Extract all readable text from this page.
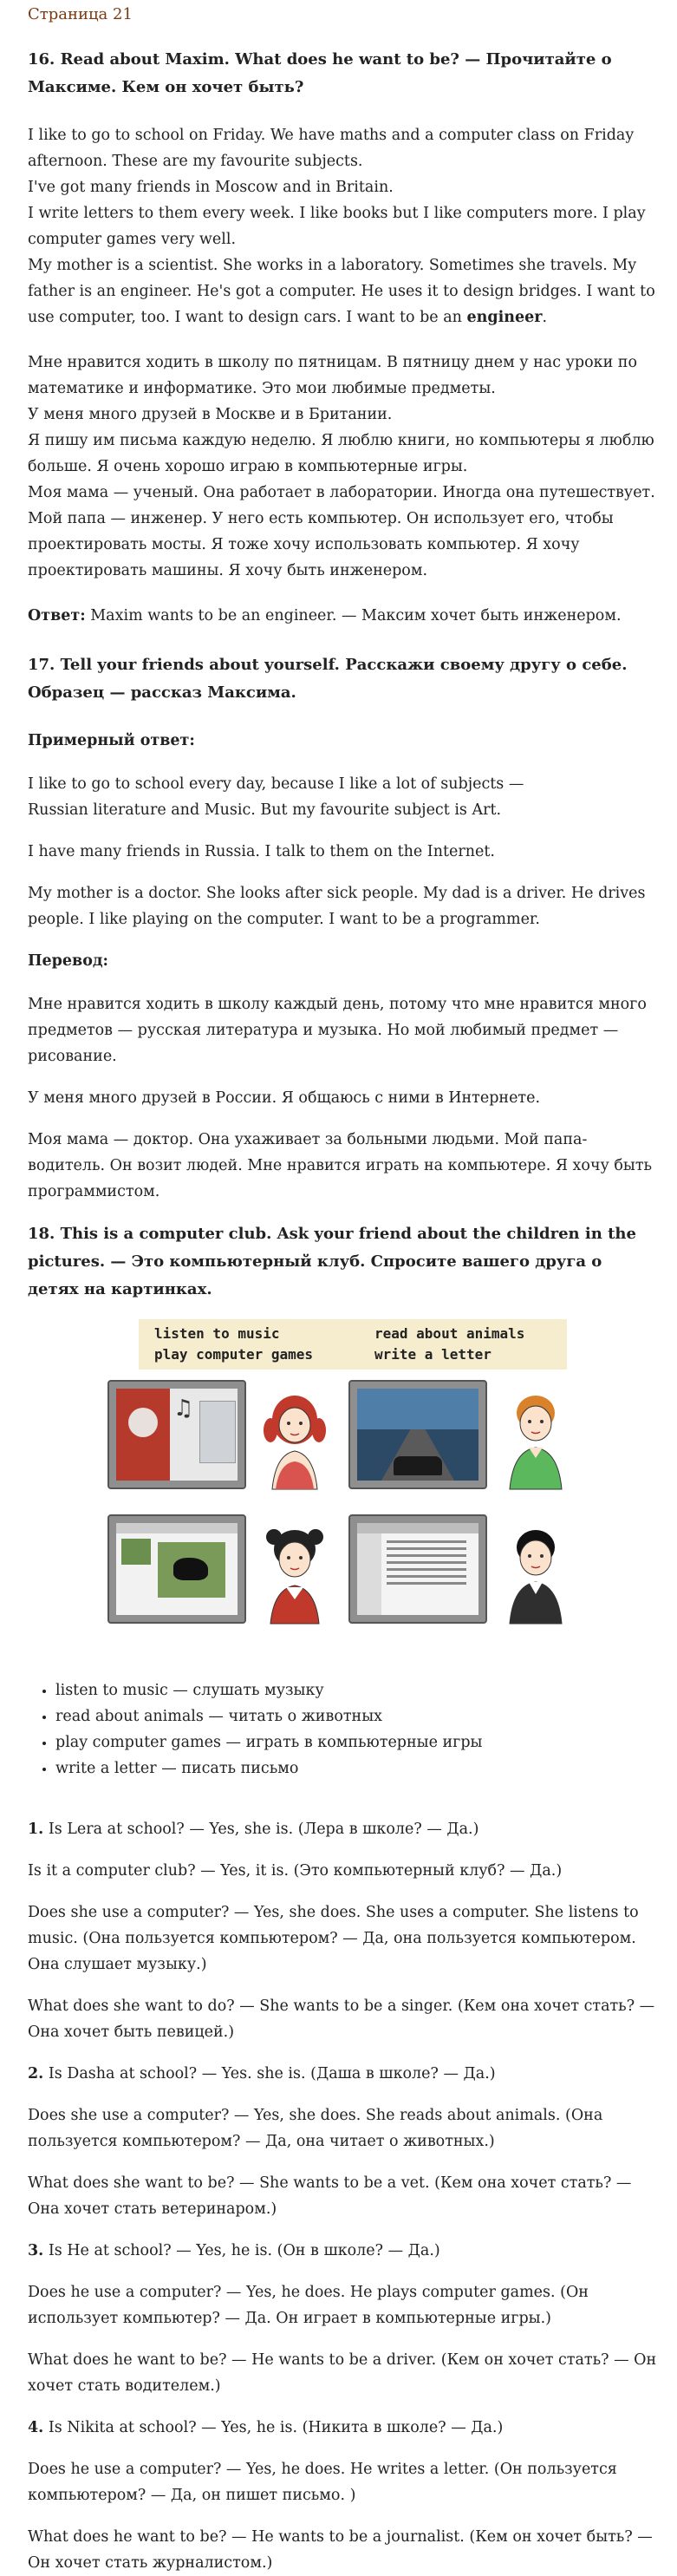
Страница 21

16. Read about Maxim. What does he want to be? — Прочитайте о Максиме. Кем он хочет быть?

I like to go to school on Friday. We have maths and a computer class on Friday afternoon. These are my favourite subjects.
I've got many friends in Moscow and in Britain.
I write letters to them every week. I like books but I like computers more. I play computer games very well.
My mother is a scientist. She works in a laboratory. Sometimes she travels. My father is an engineer. He's got a computer. He uses it to design bridges. I want to use computer, too. I want to design cars. I want to be an engineer.

Мне нравится ходить в школу по пятницам. В пятницу днем у нас уроки по математике и информатике. Это мои любимые предметы.
У меня много друзей в Москве и в Британии.
Я пишу им письма каждую неделю. Я люблю книги, но компьютеры я люблю больше. Я очень хорошо играю в компьютерные игры.
Моя мама — ученый. Она работает в лаборатории. Иногда она путешествует. Мой папа — инженер. У него есть компьютер. Он использует его, чтобы проектировать мосты. Я тоже хочу использовать компьютер. Я хочу проектировать машины. Я хочу быть инженером.

Ответ: Maxim wants to be an engineer. — Максим хочет быть инженером.

17. Tell your friends about yourself. Расскажи своему другу о себе. Образец — рассказ Максима.

Примерный ответ:

I like to go to school every day, because I like a lot of subjects — Russian literature and Music. But my favourite subject is Art.

I have many friends in Russia. I talk to them on the Internet.

My mother is a doctor. She looks after sick people. My dad is a driver. He drives people. I like playing on the computer. I want to be a programmer.

Перевод:

Мне нравится ходить в школу каждый день, потому что мне нравится много предметов — русская литература и музыка. Но мой любимый предмет — рисование.

У меня много друзей в России. Я общаюсь с ними в Интернете.

Моя мама — доктор. Она ухаживает за больными людьми. Мой папа-водитель. Он возит людей. Мне нравится играть на компьютере. Я хочу быть программистом.

18. This is a computer club. Ask your friend about the children in the pictures. — Это компьютерный клуб. Спросите вашего друга о детях на картинках.

listen to music
play computer games
read about animals
write a letter
♫
• listen to music — слушать музыку
• read about animals — читать о животных
• play computer games — играть в компьютерные игры
• write a letter — писать письмо

1. Is Lera at school? — Yes, she is. (Лера в школе? — Да.)

Is it a computer club? — Yes, it is. (Это компьютерный клуб? — Да.)

Does she use a computer? — Yes, she does. She uses a computer. She listens to music. (Она пользуется компьютером? — Да, она пользуется компьютером. Она слушает музыку.)

What does she want to do? — She wants to be a singer. (Кем она хочет стать? — Она хочет быть певицей.)

2. Is Dasha at school? — Yes. she is. (Даша в школе? — Да.)

Does she use a computer? — Yes, she does. She reads about animals. (Она пользуется компьютером? — Да, она читает о животных.)

What does she want to be? — She wants to be a vet. (Кем она хочет стать? — Она хочет стать ветеринаром.)

3. Is He at school? — Yes, he is. (Он в школе? — Да.)

Does he use a computer? — Yes, he does. He plays computer games. (Он использует компьютер? — Да. Он играет в компьютерные игры.)

What does he want to be? — He wants to be a driver. (Кем он хочет стать? — Он хочет стать водителем.)

4. Is Nikita at school? — Yes, he is. (Никита в школе? — Да.)

Does he use a computer? — Yes, he does. He writes a letter. (Он пользуется компьютером? — Да, он пишет письмо. )

What does he want to be? — He wants to be a journalist. (Кем он хочет быть? — Он хочет стать журналистом.)
